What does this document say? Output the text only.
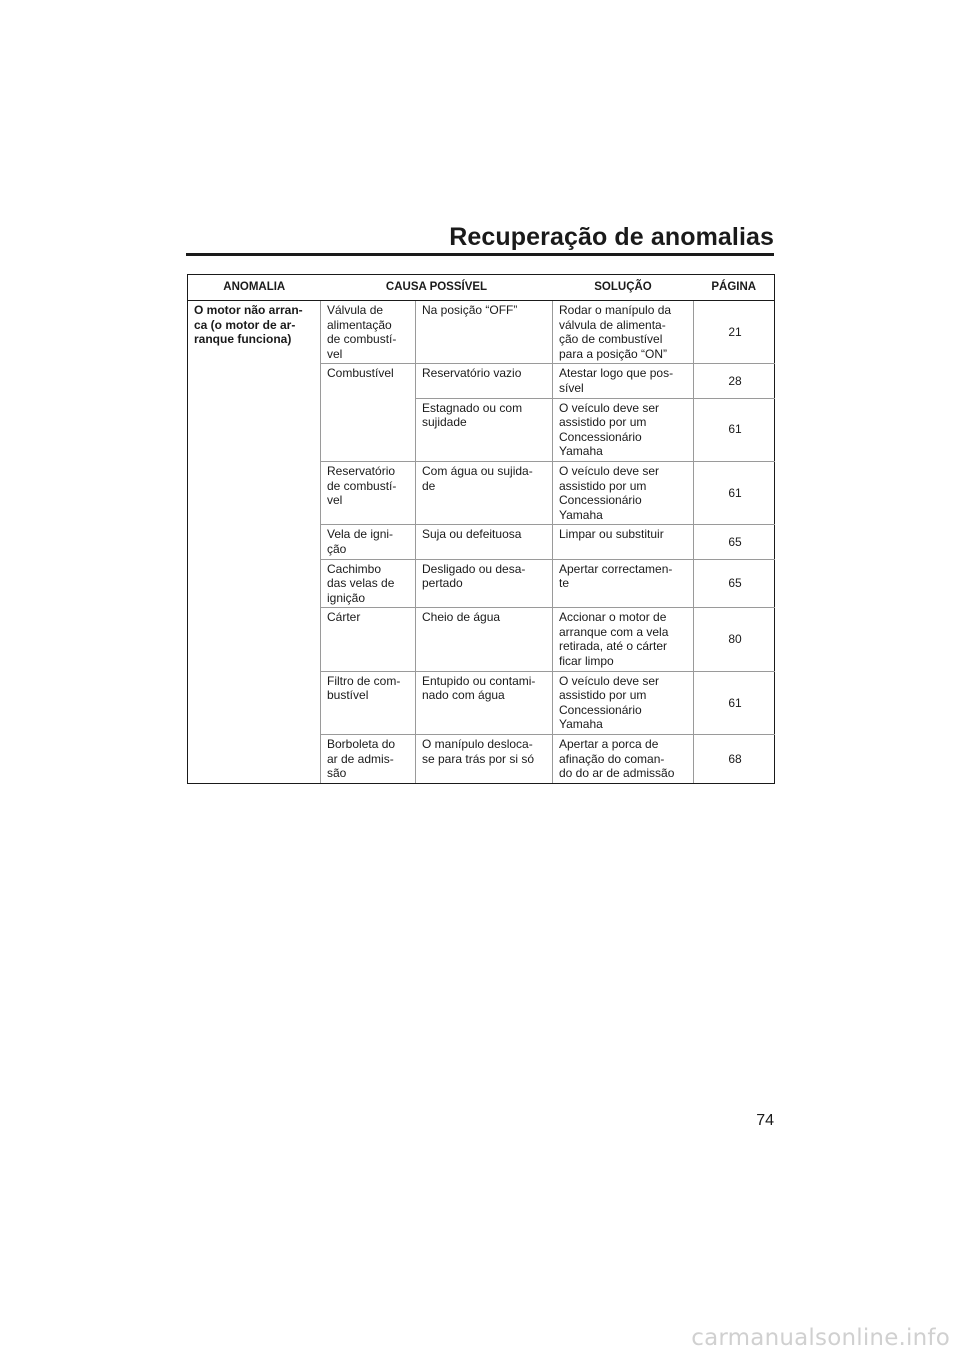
Recuperação de anomalias
ANOMALIA	CAUSA POSSÍVEL		SOLUÇÃO	PÁGINA
O motor não arran-
ca (o motor de ar-
ranque funciona)	Válvula de
alimentação
de combustí-
vel	Na posição “OFF”	Rodar o manípulo da
válvula de alimenta-
ção de combustível
para a posição “ON”	21
	Combustível	Reservatório vazio	Atestar logo que pos-
sível	28
		Estagnado ou com
sujidade	O veículo deve ser
assistido por um
Concessionário
Yamaha	61
	Reservatório
de combustí-
vel	Com água ou sujida-
de	O veículo deve ser
assistido por um
Concessionário
Yamaha	61
	Vela de igni-
ção	Suja ou defeituosa	Limpar ou substituir	65
	Cachimbo
das velas de
ignição	Desligado ou desa-
pertado	Apertar correctamen-
te	65
	Cárter	Cheio de água	Accionar o motor de
arranque com a vela
retirada, até o cárter
ficar limpo	80
	Filtro de com-
bustível	Entupido ou contami-
nado com água	O veículo deve ser
assistido por um
Concessionário
Yamaha	61
	Borboleta do
ar de admis-
são	O manípulo desloca-
se para trás por si só	Apertar a porca de
afinação do coman-
do do ar de admissão	68
74
carmanualsonline.info
